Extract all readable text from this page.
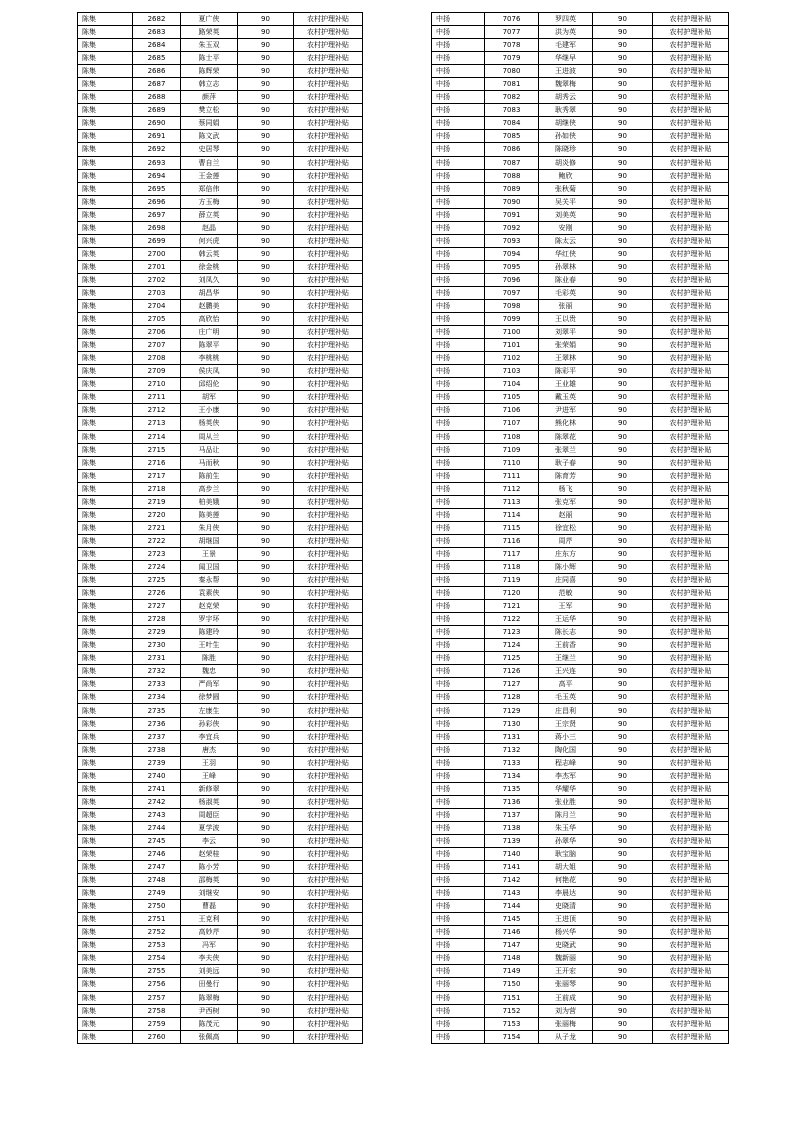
陈集	2682	夏广侠	90	农村护理补贴
陈集	2683	路荣英	90	农村护理补贴
陈集	2684	朱玉双	90	农村护理补贴
陈集	2685	陈士平	90	农村护理补贴
陈集	2686	陈辉荣	90	农村护理补贴
陈集	2687	韩立志	90	农村护理补贴
陈集	2688	颜萍	90	农村护理补贴
陈集	2689	樊立松	90	农村护理补贴
陈集	2690	蔡同娟	90	农村护理补贴
陈集	2691	陈文武	90	农村护理补贴
陈集	2692	史居琴	90	农村护理补贴
陈集	2693	曹自兰	90	农村护理补贴
陈集	2694	王金莲	90	农村护理补贴
陈集	2695	郑倍伟	90	农村护理补贴
陈集	2696	方玉梅	90	农村护理补贴
陈集	2697	薛立英	90	农村护理补贴
陈集	2698	赵晶	90	农村护理补贴
陈集	2699	何兴虎	90	农村护理补贴
陈集	2700	韩云英	90	农村护理补贴
陈集	2701	徐金桃	90	农村护理补贴
陈集	2702	刘凤久	90	农村护理补贴
陈集	2703	胡昌华	90	农村护理补贴
陈集	2704	赵鹏美	90	农村护理补贴
陈集	2705	高欣怡	90	农村护理补贴
陈集	2706	庄广明	90	农村护理补贴
陈集	2707	陈翠平	90	农村护理补贴
陈集	2708	李桃桃	90	农村护理补贴
陈集	2709	侯庆凤	90	农村护理补贴
陈集	2710	邱绍伦	90	农村护理补贴
陈集	2711	胡军	90	农村护理补贴
陈集	2712	王小康	90	农村护理补贴
陈集	2713	杨英侠	90	农村护理补贴
陈集	2714	周从兰	90	农村护理补贴
陈集	2715	马品让	90	农村护理补贴
陈集	2716	马而秋	90	农村护理补贴
陈集	2717	陈前生	90	农村护理补贴
陈集	2718	高步兰	90	农村护理补贴
陈集	2719	柏美娥	90	农村护理补贴
陈集	2720	陈美莲	90	农村护理补贴
陈集	2721	朱月侠	90	农村护理补贴
陈集	2722	胡继国	90	农村护理补贴
陈集	2723	王景	90	农村护理补贴
陈集	2724	闻卫国	90	农村护理补贴
陈集	2725	秦永帮	90	农村护理补贴
陈集	2726	袁素侠	90	农村护理补贴
陈集	2727	赵克荣	90	农村护理补贴
陈集	2728	罗宇环	90	农村护理补贴
陈集	2729	陈建玲	90	农村护理补贴
陈集	2730	王叶生	90	农村护理补贴
陈集	2731	陈胜	90	农村护理补贴
陈集	2732	魏忠	90	农村护理补贴
陈集	2733	严尚军	90	农村护理补贴
陈集	2734	徐梦圆	90	农村护理补贴
陈集	2735	左康生	90	农村护理补贴
陈集	2736	孙彩侠	90	农村护理补贴
陈集	2737	李宜兵	90	农村护理补贴
陈集	2738	唐杰	90	农村护理补贴
陈集	2739	王羽	90	农村护理补贴
陈集	2740	王峰	90	农村护理补贴
陈集	2741	新修翠	90	农村护理补贴
陈集	2742	杨淑英	90	农村护理补贴
陈集	2743	周超臣	90	农村护理补贴
陈集	2744	夏学波	90	农村护理补贴
陈集	2745	李云	90	农村护理补贴
陈集	2746	赵荣桂	90	农村护理补贴
陈集	2747	陈小芳	90	农村护理补贴
陈集	2748	邵梅英	90	农村护理补贴
陈集	2749	刘继安	90	农村护理补贴
陈集	2750	曹磊	90	农村护理补贴
陈集	2751	王克利	90	农村护理补贴
陈集	2752	高妙芹	90	农村护理补贴
陈集	2753	冯军	90	农村护理补贴
陈集	2754	李夫侠	90	农村护理补贴
陈集	2755	刘美远	90	农村护理补贴
陈集	2756	田曼行	90	农村护理补贴
陈集	2757	陈翠梅	90	农村护理补贴
陈集	2758	尹西树	90	农村护理补贴
陈集	2759	陈茂元	90	农村护理补贴
陈集	2760	张佩高	90	农村护理补贴
中扬	7076	罗四英	90	农村护理补贴
中扬	7077	洪为英	90	农村护理补贴
中扬	7078	毛建军	90	农村护理补贴
中扬	7079	华继早	90	农村护理补贴
中扬	7080	王进波	90	农村护理补贴
中扬	7081	魏翠梅	90	农村护理补贴
中扬	7082	胡秀云	90	农村护理补贴
中扬	7083	耿秀翠	90	农村护理补贴
中扬	7084	胡继侠	90	农村护理补贴
中扬	7085	孙如侠	90	农村护理补贴
中扬	7086	陈晓珍	90	农村护理补贴
中扬	7087	胡炎修	90	农村护理补贴
中扬	7088	鲍欣	90	农村护理补贴
中扬	7089	张秋菊	90	农村护理补贴
中扬	7090	吴关平	90	农村护理补贴
中扬	7091	刘美英	90	农村护理补贴
中扬	7092	安刚	90	农村护理补贴
中扬	7093	陈太云	90	农村护理补贴
中扬	7094	华红侠	90	农村护理补贴
中扬	7095	孙翠林	90	农村护理补贴
中扬	7096	陈业春	90	农村护理补贴
中扬	7097	毛彩英	90	农村护理补贴
中扬	7098	张丽	90	农村护理补贴
中扬	7099	王以贵	90	农村护理补贴
中扬	7100	刘翠平	90	农村护理补贴
中扬	7101	张荣娟	90	农村护理补贴
中扬	7102	王翠林	90	农村护理补贴
中扬	7103	陈彩平	90	农村护理补贴
中扬	7104	王业雄	90	农村护理补贴
中扬	7105	戴玉英	90	农村护理补贴
中扬	7106	尹进军	90	农村护理补贴
中扬	7107	熊化林	90	农村护理补贴
中扬	7108	陈翠花	90	农村护理补贴
中扬	7109	张翠兰	90	农村护理补贴
中扬	7110	耿子春	90	农村护理补贴
中扬	7111	陈育芳	90	农村护理补贴
中扬	7112	杨飞	90	农村护理补贴
中扬	7113	张克军	90	农村护理补贴
中扬	7114	赵丽	90	农村护理补贴
中扬	7115	徐宜松	90	农村护理补贴
中扬	7116	周芹	90	农村护理补贴
中扬	7117	庄东方	90	农村护理补贴
中扬	7118	陈小辉	90	农村护理补贴
中扬	7119	庄同喜	90	农村护理补贴
中扬	7120	范敏	90	农村护理补贴
中扬	7121	王军	90	农村护理补贴
中扬	7122	王运华	90	农村护理补贴
中扬	7123	陈长志	90	农村护理补贴
中扬	7124	王前香	90	农村护理补贴
中扬	7125	王继兰	90	农村护理补贴
中扬	7126	王兴连	90	农村护理补贴
中扬	7127	高平	90	农村护理补贴
中扬	7128	毛玉英	90	农村护理补贴
中扬	7129	庄昌利	90	农村护理补贴
中扬	7130	王宗贤	90	农村护理补贴
中扬	7131	蒋小三	90	农村护理补贴
中扬	7132	陶化国	90	农村护理补贴
中扬	7133	程志峰	90	农村护理补贴
中扬	7134	李杰军	90	农村护理补贴
中扬	7135	华耀华	90	农村护理补贴
中扬	7136	张业胜	90	农村护理补贴
中扬	7137	陈月兰	90	农村护理补贴
中扬	7138	朱玉华	90	农村护理补贴
中扬	7139	孙翠华	90	农村护理补贴
中扬	7140	耿宝脑	90	农村护理补贴
中扬	7141	胡大姐	90	农村护理补贴
中扬	7142	何艳花	90	农村护理补贴
中扬	7143	李晨达	90	农村护理补贴
中扬	7144	史晓清	90	农村护理补贴
中扬	7145	王进顶	90	农村护理补贴
中扬	7146	杨兴华	90	农村护理补贴
中扬	7147	史晓武	90	农村护理补贴
中扬	7148	魏新丽	90	农村护理补贴
中扬	7149	王开宏	90	农村护理补贴
中扬	7150	张丽琴	90	农村护理补贴
中扬	7151	王前成	90	农村护理补贴
中扬	7152	刘为营	90	农村护理补贴
中扬	7153	张丽梅	90	农村护理补贴
中扬	7154	从子龙	90	农村护理补贴
